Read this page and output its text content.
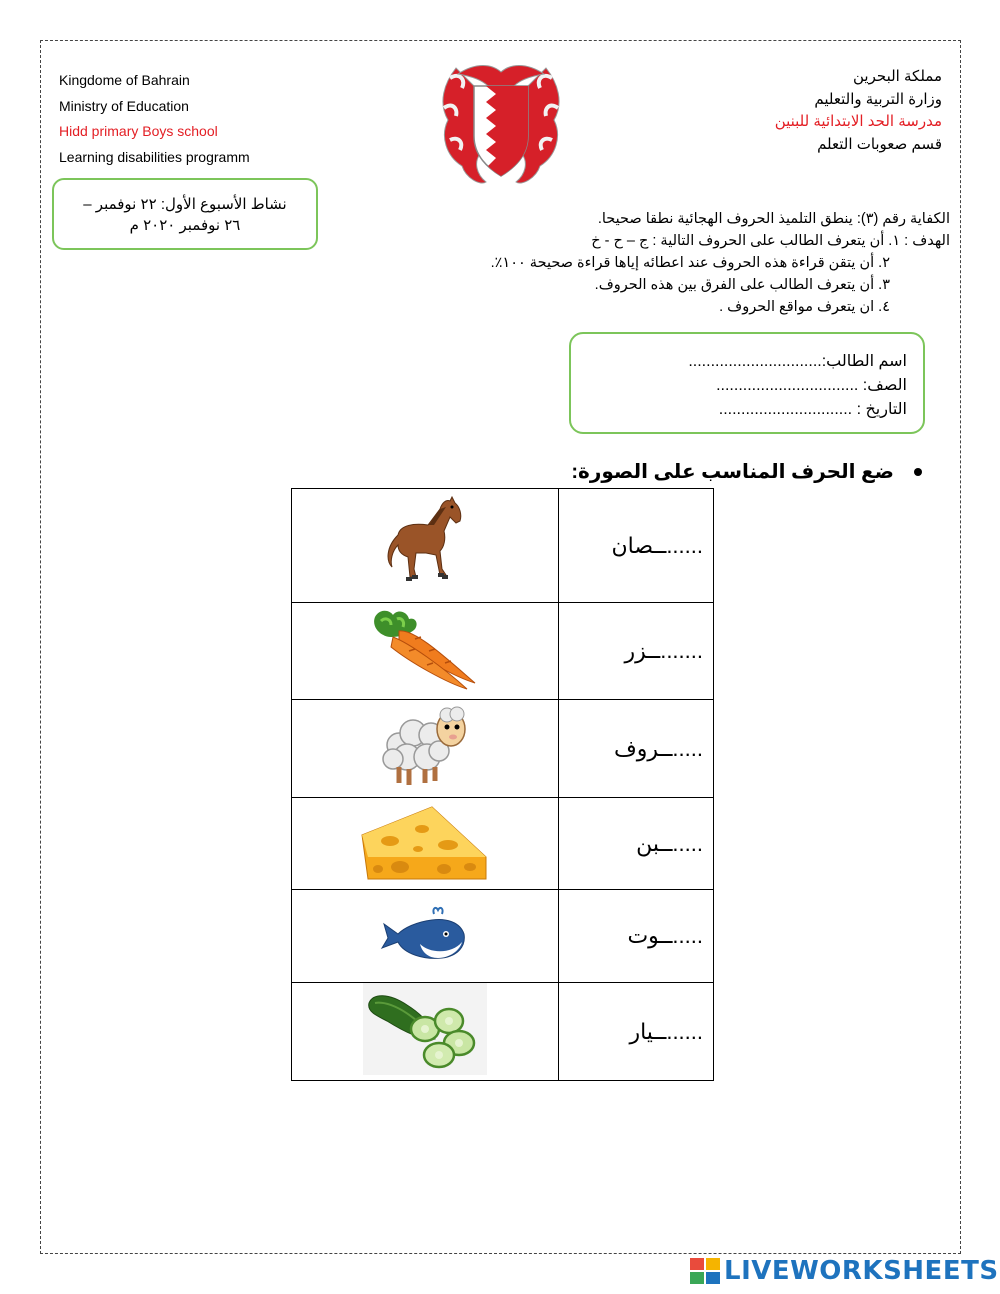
Kingdome of Bahrain
Ministry of Education
Hidd primary Boys school
Learning disabilities programm
مملكة البحرين
وزارة التربية والتعليم
مدرسة الحد الابتدائية للبنين
قسم صعوبات التعلم
نشاط الأسبوع الأول: ٢٢ نوفمبر –
٢٦ نوفمبر ٢٠٢٠ م	الكفاية رقم (٣): ينطق التلميذ الحروف الهجائية نطقا صحيحا.
الهدف : ١. أن يتعرف الطالب على الحروف التالية : ج – ح - خ
٢. أن يتقن قراءة هذه الحروف عند اعطائه إياها قراءة صحيحة ١٠٠٪.
٣. أن يتعرف الطالب على الفرق بين هذه الحروف.
٤. ان يتعرف مواقع الحروف .
اسم الطالب:..............................
الصف: ................................
التاريخ : ..............................
ضع الحرف المناسب على الصورة:
	......ــصان
	.......ــزر
	.....ــروف
	.....ــبن
	.....ــوت
	......ــيار
LIVEWORKSHEETS
